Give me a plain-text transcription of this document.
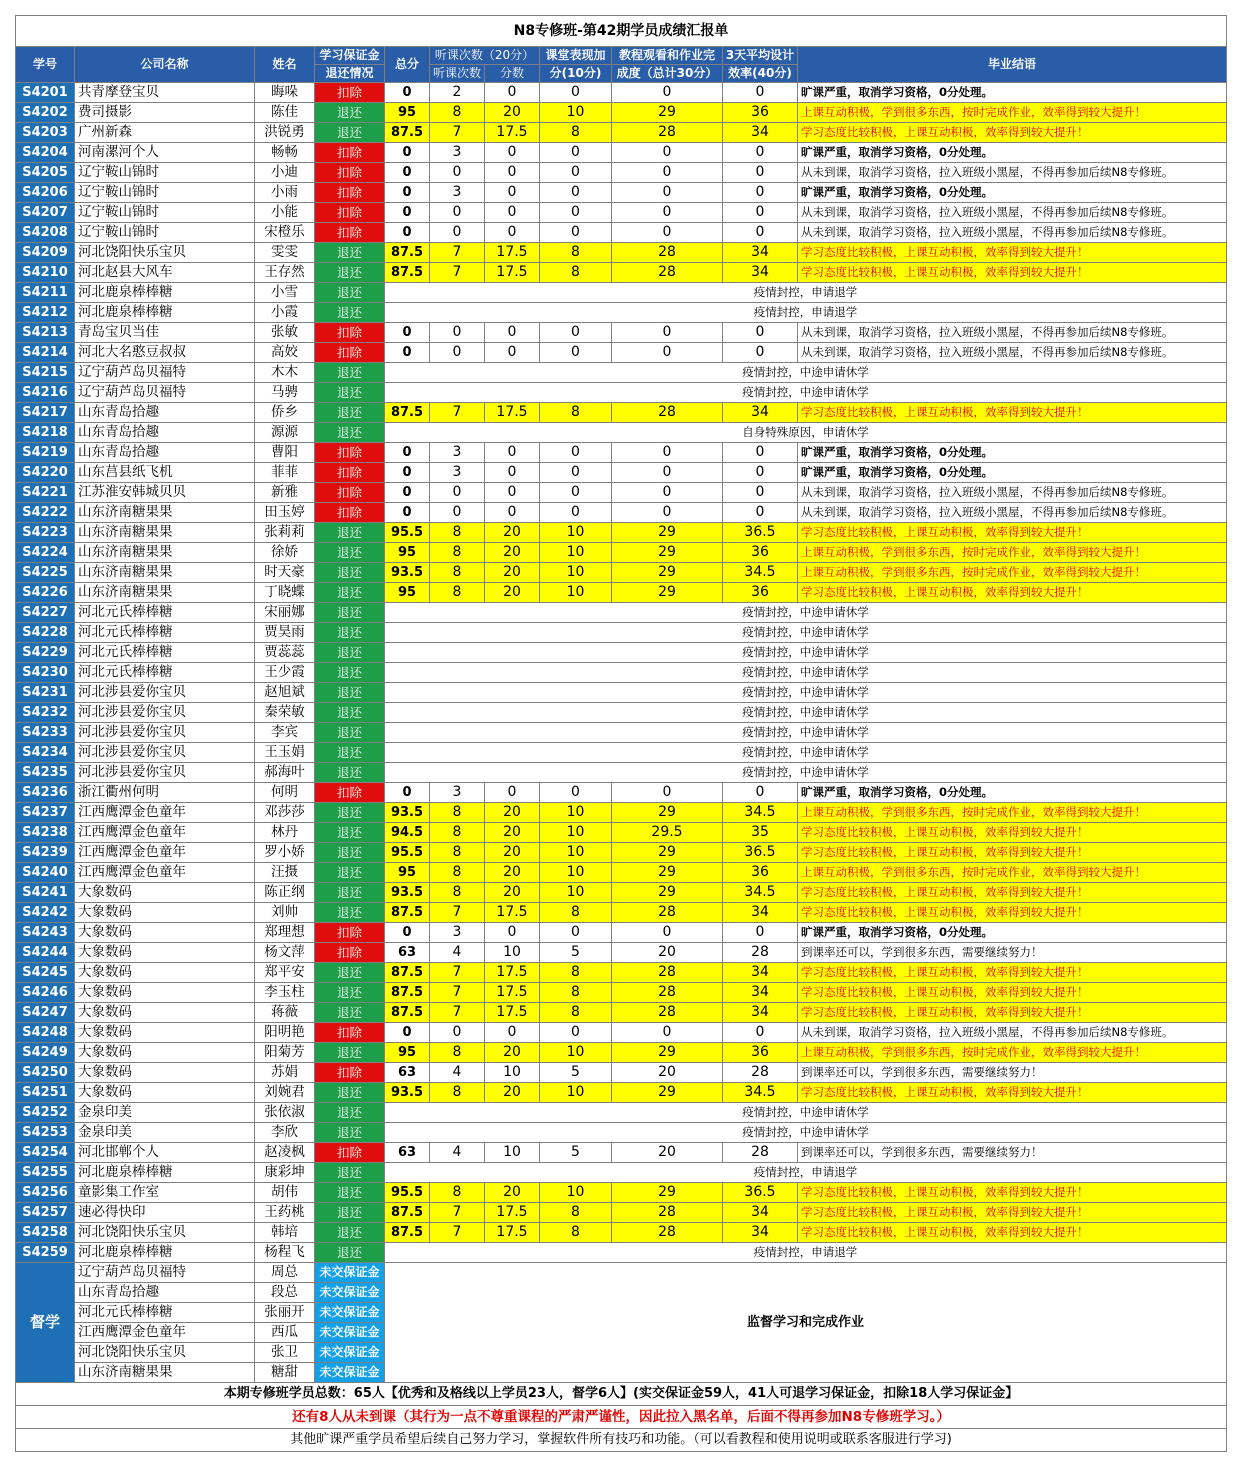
N8专修班-第42期学员成绩汇报单										
学号	公司名称	姓名	学习保证金	总分	听课次数（20分）		课堂表现加	教程观看和作业完	3天平均设计	毕业结语
			退还情况		听课次数	分数	分(10分)	成度（总计30分）	效率(40分)	
S4201	共青摩登宝贝	晦哚	扣除	0	2	0	0	0	0	旷课严重，取消学习资格，0分处理。
S4202	费司摄影	陈佳	退还	95	8	20	10	29	36	上课互动积极，学到很多东西，按时完成作业，效率得到较大提升！
S4203	广州新森	洪锐勇	退还	87.5	7	17.5	8	28	34	学习态度比较积极，上课互动积极，效率得到较大提升！
S4204	河南漯河个人	畅畅	扣除	0	3	0	0	0	0	旷课严重，取消学习资格，0分处理。
S4205	辽宁鞍山锦时	小迪	扣除	0	0	0	0	0	0	从未到课，取消学习资格，拉入班级小黑屋，不得再参加后续N8专修班。
S4206	辽宁鞍山锦时	小雨	扣除	0	3	0	0	0	0	旷课严重，取消学习资格，0分处理。
S4207	辽宁鞍山锦时	小能	扣除	0	0	0	0	0	0	从未到课，取消学习资格，拉入班级小黑屋，不得再参加后续N8专修班。
S4208	辽宁鞍山锦时	宋橙乐	扣除	0	0	0	0	0	0	从未到课，取消学习资格，拉入班级小黑屋，不得再参加后续N8专修班。
S4209	河北饶阳快乐宝贝	雯雯	退还	87.5	7	17.5	8	28	34	学习态度比较积极，上课互动积极，效率得到较大提升！
S4210	河北赵县大风车	王存然	退还	87.5	7	17.5	8	28	34	学习态度比较积极，上课互动积极，效率得到较大提升！
S4211	河北鹿泉棒棒糖	小雪	退还	疫情封控，申请退学						
S4212	河北鹿泉棒棒糖	小霞	退还	疫情封控，申请退学						
S4213	青岛宝贝当佳	张敏	扣除	0	0	0	0	0	0	从未到课，取消学习资格，拉入班级小黑屋，不得再参加后续N8专修班。
S4214	河北大名憨豆叔叔	高姣	扣除	0	0	0	0	0	0	从未到课，取消学习资格，拉入班级小黑屋，不得再参加后续N8专修班。
S4215	辽宁葫芦岛贝福特	木木	退还	疫情封控，中途申请休学						
S4216	辽宁葫芦岛贝福特	马骋	退还	疫情封控，中途申请休学						
S4217	山东青岛拾趣	侨乡	退还	87.5	7	17.5	8	28	34	学习态度比较积极，上课互动积极，效率得到较大提升！
S4218	山东青岛拾趣	源源	退还	自身特殊原因，申请休学						
S4219	山东青岛拾趣	曹阳	扣除	0	3	0	0	0	0	旷课严重，取消学习资格，0分处理。
S4220	山东莒县纸飞机	菲菲	扣除	0	3	0	0	0	0	旷课严重，取消学习资格，0分处理。
S4221	江苏淮安韩城贝贝	新雅	扣除	0	0	0	0	0	0	从未到课，取消学习资格，拉入班级小黑屋，不得再参加后续N8专修班。
S4222	山东济南糖果果	田玉婷	扣除	0	0	0	0	0	0	从未到课，取消学习资格，拉入班级小黑屋，不得再参加后续N8专修班。
S4223	山东济南糖果果	张莉莉	退还	95.5	8	20	10	29	36.5	学习态度比较积极，上课互动积极，效率得到较大提升！
S4224	山东济南糖果果	徐娇	退还	95	8	20	10	29	36	上课互动积极，学到很多东西，按时完成作业，效率得到较大提升！
S4225	山东济南糖果果	时天豪	退还	93.5	8	20	10	29	34.5	上课互动积极，学到很多东西，按时完成作业，效率得到较大提升！
S4226	山东济南糖果果	丁晓蝶	退还	95	8	20	10	29	36	学习态度比较积极，上课互动积极，效率得到较大提升！
S4227	河北元氏棒棒糖	宋丽娜	退还	疫情封控，中途申请休学						
S4228	河北元氏棒棒糖	贾昊雨	退还	疫情封控，中途申请休学						
S4229	河北元氏棒棒糖	贾蕊蕊	退还	疫情封控，中途申请休学						
S4230	河北元氏棒棒糖	王少霞	退还	疫情封控，中途申请休学						
S4231	河北涉县爱你宝贝	赵旭斌	退还	疫情封控，中途申请休学						
S4232	河北涉县爱你宝贝	秦荣敏	退还	疫情封控，中途申请休学						
S4233	河北涉县爱你宝贝	李宾	退还	疫情封控，中途申请休学						
S4234	河北涉县爱你宝贝	王玉娟	退还	疫情封控，中途申请休学						
S4235	河北涉县爱你宝贝	郝海叶	退还	疫情封控，中途申请休学						
S4236	浙江衢州何明	何明	扣除	0	3	0	0	0	0	旷课严重，取消学习资格，0分处理。
S4237	江西鹰潭金色童年	邓莎莎	退还	93.5	8	20	10	29	34.5	上课互动积极，学到很多东西，按时完成作业，效率得到较大提升！
S4238	江西鹰潭金色童年	林丹	退还	94.5	8	20	10	29.5	35	学习态度比较积极，上课互动积极，效率得到较大提升！
S4239	江西鹰潭金色童年	罗小娇	退还	95.5	8	20	10	29	36.5	学习态度比较积极，上课互动积极，效率得到较大提升！
S4240	江西鹰潭金色童年	汪摄	退还	95	8	20	10	29	36	上课互动积极，学到很多东西，按时完成作业，效率得到较大提升！
S4241	大象数码	陈正纲	退还	93.5	8	20	10	29	34.5	学习态度比较积极，上课互动积极，效率得到较大提升！
S4242	大象数码	刘帅	退还	87.5	7	17.5	8	28	34	学习态度比较积极，上课互动积极，效率得到较大提升！
S4243	大象数码	郑理想	扣除	0	3	0	0	0	0	旷课严重，取消学习资格，0分处理。
S4244	大象数码	杨文萍	扣除	63	4	10	5	20	28	到课率还可以，学到很多东西，需要继续努力！
S4245	大象数码	郑平安	退还	87.5	7	17.5	8	28	34	学习态度比较积极，上课互动积极，效率得到较大提升！
S4246	大象数码	李玉柱	退还	87.5	7	17.5	8	28	34	学习态度比较积极，上课互动积极，效率得到较大提升！
S4247	大象数码	蒋薇	退还	87.5	7	17.5	8	28	34	学习态度比较积极，上课互动积极，效率得到较大提升！
S4248	大象数码	阳明艳	扣除	0	0	0	0	0	0	从未到课，取消学习资格，拉入班级小黑屋，不得再参加后续N8专修班。
S4249	大象数码	阳菊芳	退还	95	8	20	10	29	36	上课互动积极，学到很多东西，按时完成作业，效率得到较大提升！
S4250	大象数码	苏娟	扣除	63	4	10	5	20	28	到课率还可以，学到很多东西，需要继续努力！
S4251	大象数码	刘婉君	退还	93.5	8	20	10	29	34.5	学习态度比较积极，上课互动积极，效率得到较大提升！
S4252	金泉印美	张依淑	退还	疫情封控，中途申请休学						
S4253	金泉印美	李欣	退还	疫情封控，中途申请休学						
S4254	河北邯郸个人	赵凌枫	扣除	63	4	10	5	20	28	到课率还可以，学到很多东西，需要继续努力！
S4255	河北鹿泉棒棒糖	康彩坤	退还	疫情封控，申请退学						
S4256	童影集工作室	胡伟	退还	95.5	8	20	10	29	36.5	学习态度比较积极，上课互动积极，效率得到较大提升！
S4257	速必得快印	王药桃	退还	87.5	7	17.5	8	28	34	学习态度比较积极，上课互动积极，效率得到较大提升！
S4258	河北饶阳快乐宝贝	韩培	退还	87.5	7	17.5	8	28	34	学习态度比较积极，上课互动积极，效率得到较大提升！
S4259	河北鹿泉棒棒糖	杨程飞	退还	疫情封控，申请退学						
督学	辽宁葫芦岛贝福特	周总	未交保证金	监督学习和完成作业						
	山东青岛拾趣	段总	未交保证金							
	河北元氏棒棒糖	张丽开	未交保证金							
	江西鹰潭金色童年	西瓜	未交保证金							
	河北饶阳快乐宝贝	张卫	未交保证金							
	山东济南糖果果	糖甜	未交保证金							
本期专修班学员总数：65人【优秀和及格线以上学员23人，督学6人】(实交保证金59人，41人可退学习保证金，扣除18人学习保证金】										
还有8人从未到课（其行为一点不尊重课程的严肃严谨性，因此拉入黑名单，后面不得再参加N8专修班学习。）										
其他旷课严重学员希望后续自己努力学习，掌握软件所有技巧和功能。（可以看教程和使用说明或联系客服进行学习)										
